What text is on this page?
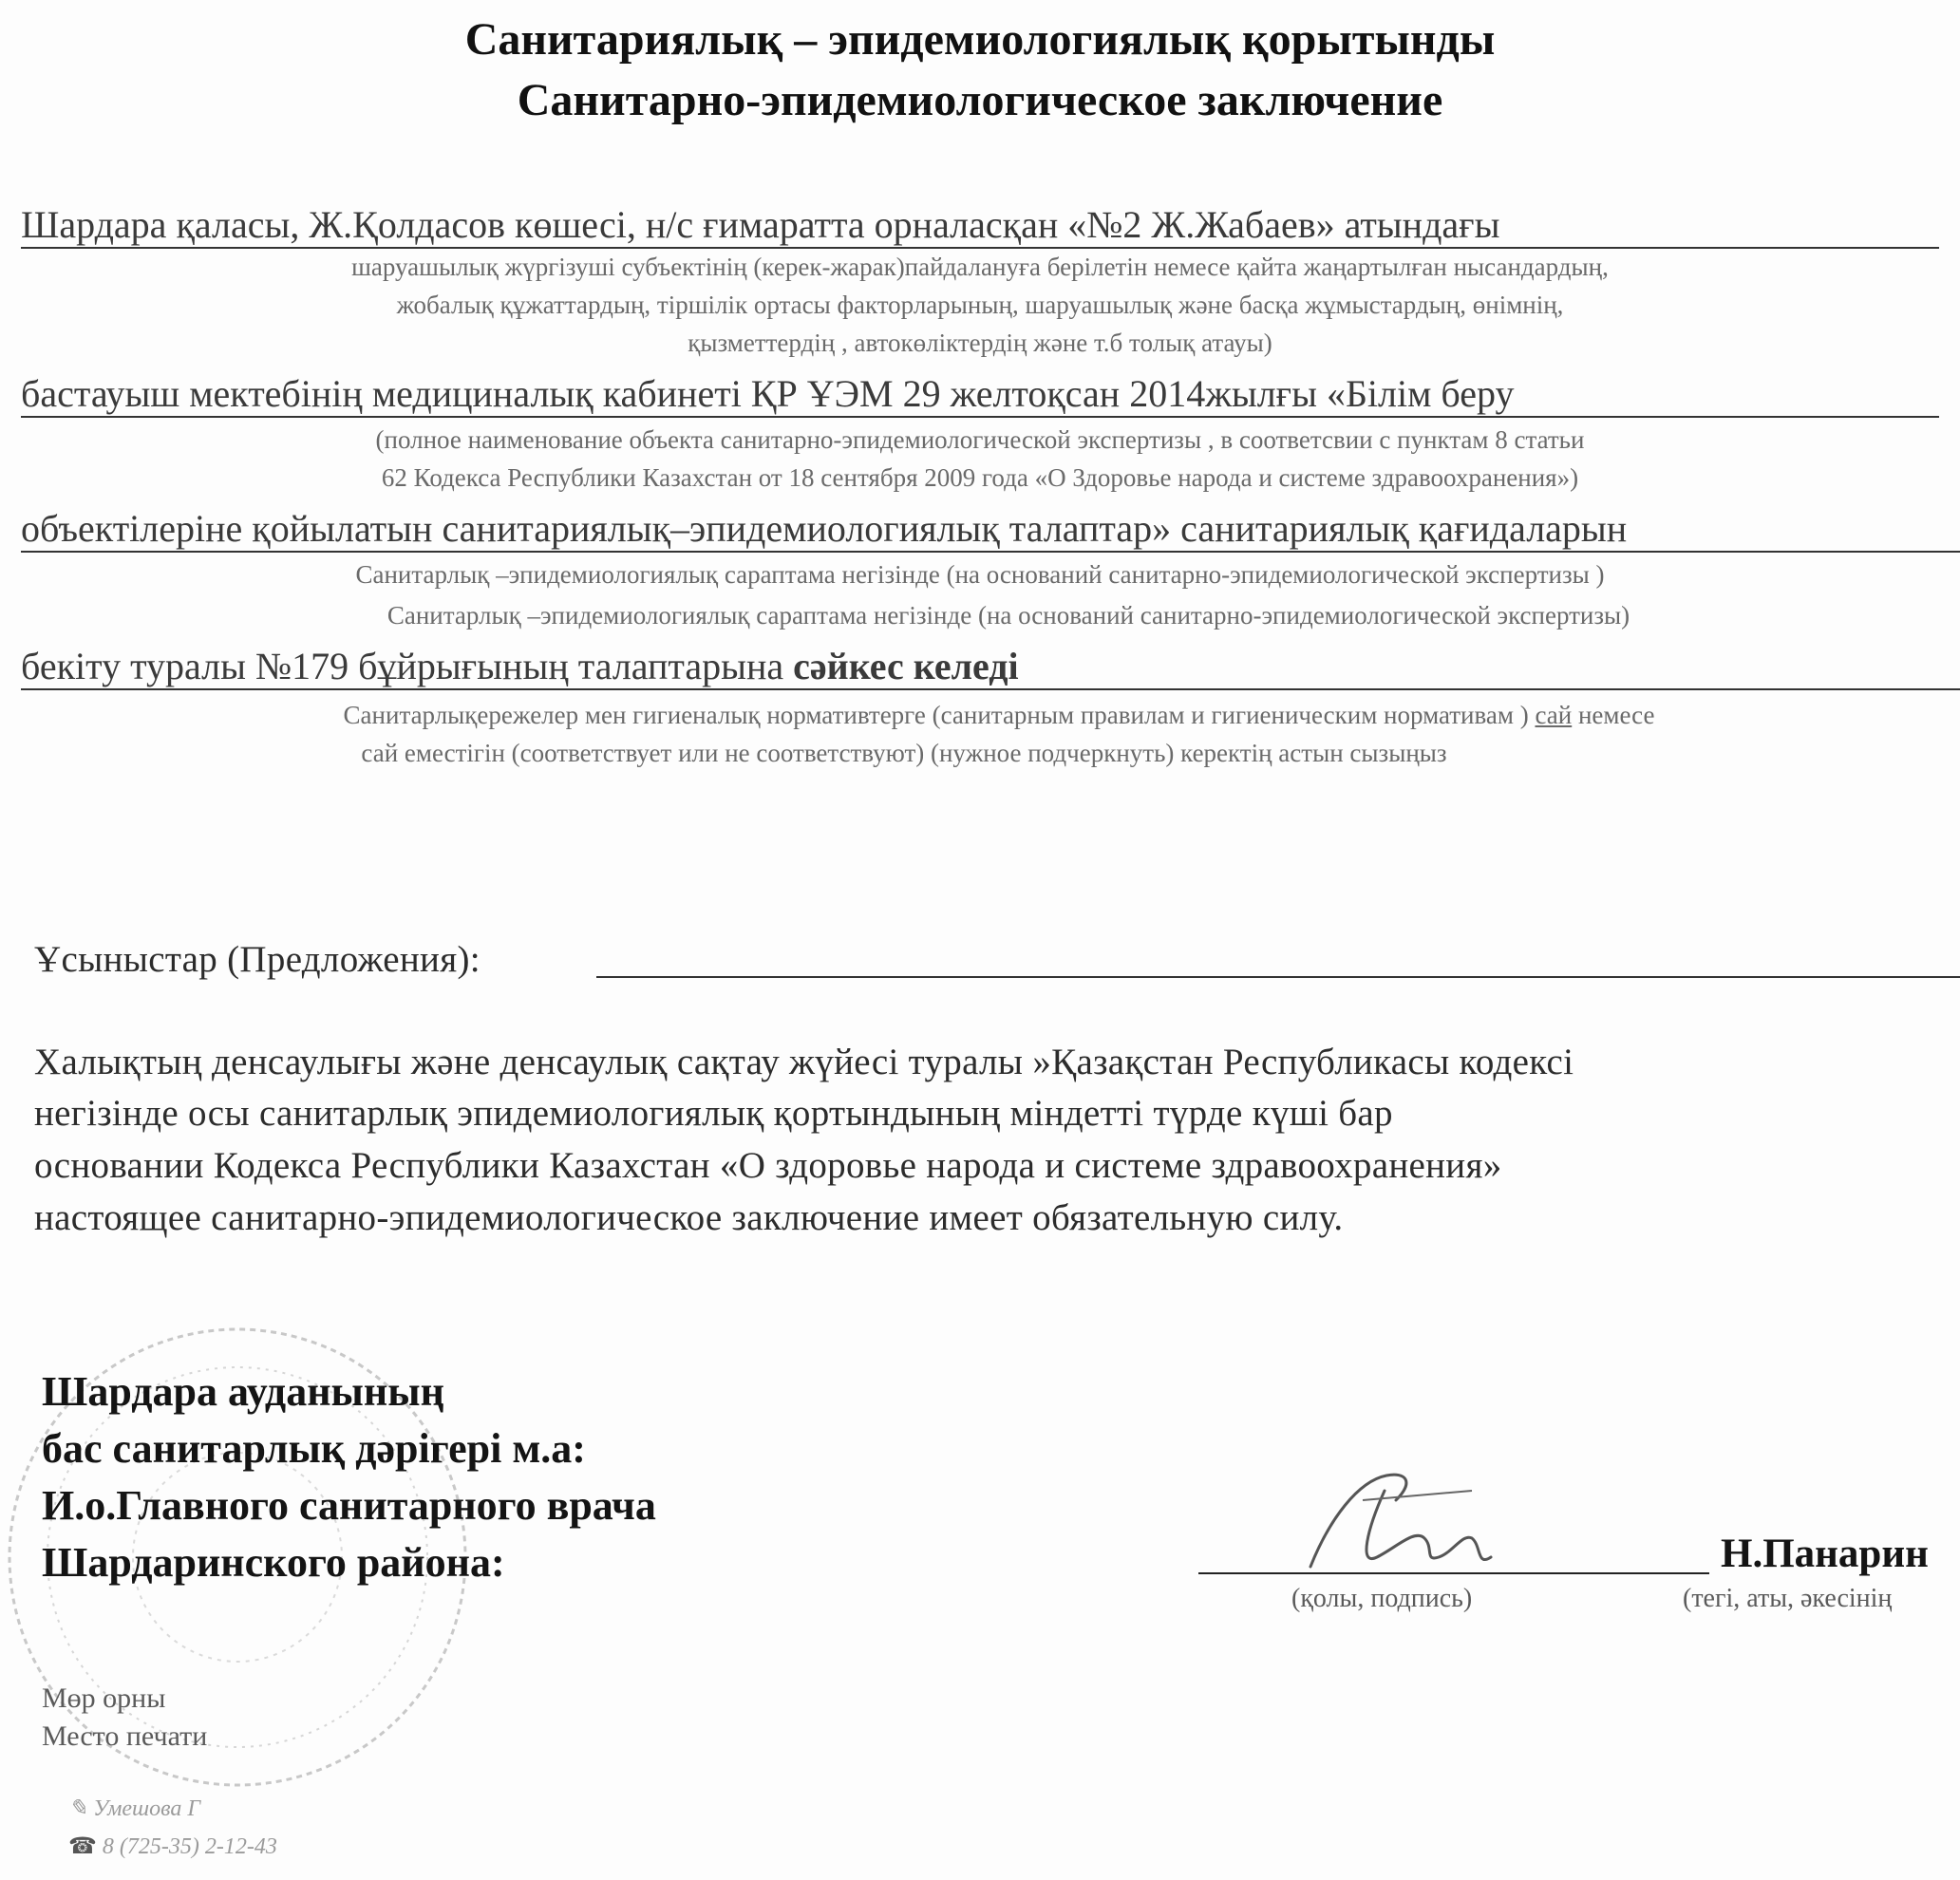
Санитариялық – эпидемиологиялық қорытынды
Санитарно-эпидемиологическое заключение
Шардара қаласы, Ж.Қолдасов көшесі, н/с ғимаратта орналасқан «№2 Ж.Жабаев» атындағы
шаруашылық жүргізуші субъектінің (керек-жарак)пайдалануға берілетін немесе қайта жаңартылған нысандардың,
жобалық құжаттардың, тіршілік ортасы факторларының, шаруашылық және басқа жұмыстардың, өнімнің,
қызметтердің , автокөліктердің және т.б толық атауы)
бастауыш мектебінің медициналық кабинеті ҚР ҰЭМ 29 желтоқсан 2014жылғы «Білім беру
(полное наименование объекта санитарно-эпидемиологической экспертизы , в соответсвии с пунктам 8 статьи
62 Кодекса Республики Казахстан от 18 сентября 2009 года «О Здоровье народа и системе здравоохранения»)
объектілеріне қойылатын санитариялық–эпидемиологиялық талаптар» санитариялық қағидаларын
Санитарлық –эпидемиологиялық сараптама негізінде (на оснований санитарно-эпидемиологической экспертизы )
Санитарлық –эпидемиологиялық сараптама негізінде (на оснований санитарно-эпидемиологической экспертизы)
бекіту туралы №179 бұйрығының талаптарына сәйкес келеді
Санитарлықережелер мен гигиеналық нормативтерге (санитарным правилам и гигиеническим нормативам ) сай немесе
сай еместігін (соответствует или не соответствуют) (нужное подчеркнуть) керектің астын сызыңыз
Ұсыныстар (Предложения):
Халықтың денсаулығы және денсаулық сақтау жүйесі туралы »Қазақстан Республикасы кодексі
негізінде осы санитарлық эпидемиологиялық қортындының міндетті түрде күші бар
основании Кодекса Республики Казахстан «О здоровье народа и системе здравоохранения»
настоящее санитарно-эпидемиологическое заключение имеет обязательную силу.
Шардара ауданының
бас санитарлық дәрігері м.а:
И.о.Главного санитарного врача
Шардаринского района:	Н.Панарин
(қолы, подпись)	(тегі, аты, әкесінің
Мөр орны
Место печати
✎ Умешова Г
☎ 8 (725-35) 2-12-43
